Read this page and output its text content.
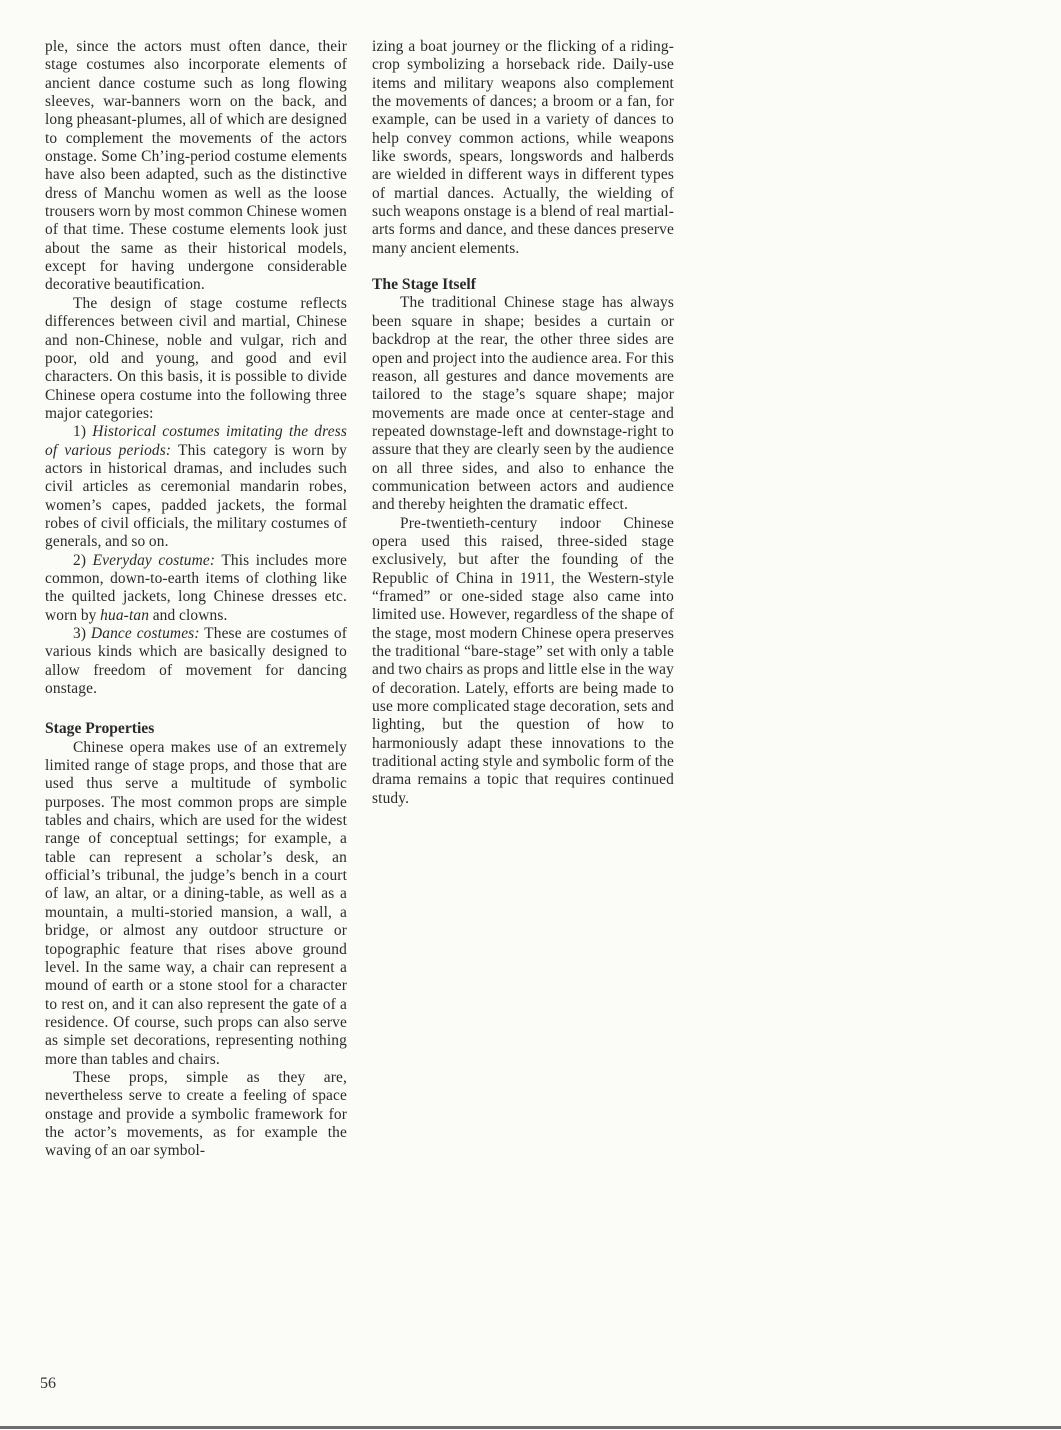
ple, since the actors must often dance, their stage costumes also incorporate elements of ancient dance costume such as long flowing sleeves, war-banners worn on the back, and long pheasant-plumes, all of which are designed to complement the movements of the actors onstage. Some Ch’ing-period costume elements have also been adapted, such as the distinctive dress of Manchu women as well as the loose trousers worn by most common Chinese women of that time. These costume elements look just about the same as their historical models, except for having undergone considerable decorative beautification.

The design of stage costume reflects differences between civil and martial, Chinese and non-Chinese, noble and vulgar, rich and poor, old and young, and good and evil characters. On this basis, it is possible to divide Chinese opera costume into the following three major categories:

1) Historical costumes imitating the dress of various periods: This category is worn by actors in historical dramas, and includes such civil articles as ceremonial mandarin robes, women’s capes, padded jackets, the formal robes of civil officials, the military costumes of generals, and so on.

2) Everyday costume: This includes more common, down-to-earth items of clothing like the quilted jackets, long Chinese dresses etc. worn by hua-tan and clowns.

3) Dance costumes: These are costumes of various kinds which are basically designed to allow freedom of movement for dancing onstage.

Stage Properties

Chinese opera makes use of an extremely limited range of stage props, and those that are used thus serve a multitude of symbolic purposes. The most common props are simple tables and chairs, which are used for the widest range of conceptual settings; for example, a table can represent a scholar’s desk, an official’s tribunal, the judge’s bench in a court of law, an altar, or a dining-table, as well as a mountain, a multi-storied mansion, a wall, a bridge, or almost any outdoor structure or topographic feature that rises above ground level. In the same way, a chair can represent a mound of earth or a stone stool for a character to rest on, and it can also represent the gate of a residence. Of course, such props can also serve as simple set decorations, representing nothing more than tables and chairs.

These props, simple as they are, nevertheless serve to create a feeling of space onstage and provide a symbolic framework for the actor’s movements, as for example the waving of an oar symbol-

izing a boat journey or the flicking of a riding-crop symbolizing a horseback ride. Daily-use items and military weapons also complement the movements of dances; a broom or a fan, for example, can be used in a variety of dances to help convey common actions, while weapons like swords, spears, longswords and halberds are wielded in different ways in different types of martial dances. Actually, the wielding of such weapons onstage is a blend of real martial-arts forms and dance, and these dances preserve many ancient elements.

The Stage Itself

The traditional Chinese stage has always been square in shape; besides a curtain or backdrop at the rear, the other three sides are open and project into the audience area. For this reason, all gestures and dance movements are tailored to the stage’s square shape; major movements are made once at center-stage and repeated downstage-left and downstage-right to assure that they are clearly seen by the audience on all three sides, and also to enhance the communication between actors and audience and thereby heighten the dramatic effect.

Pre-twentieth-century indoor Chinese opera used this raised, three-sided stage exclusively, but after the founding of the Republic of China in 1911, the Western-style “framed” or one-sided stage also came into limited use. However, regardless of the shape of the stage, most modern Chinese opera preserves the traditional “bare-stage” set with only a table and two chairs as props and little else in the way of decoration. Lately, efforts are being made to use more complicated stage decoration, sets and lighting, but the question of how to harmoniously adapt these innovations to the traditional acting style and symbolic form of the drama remains a topic that requires continued study.

56
